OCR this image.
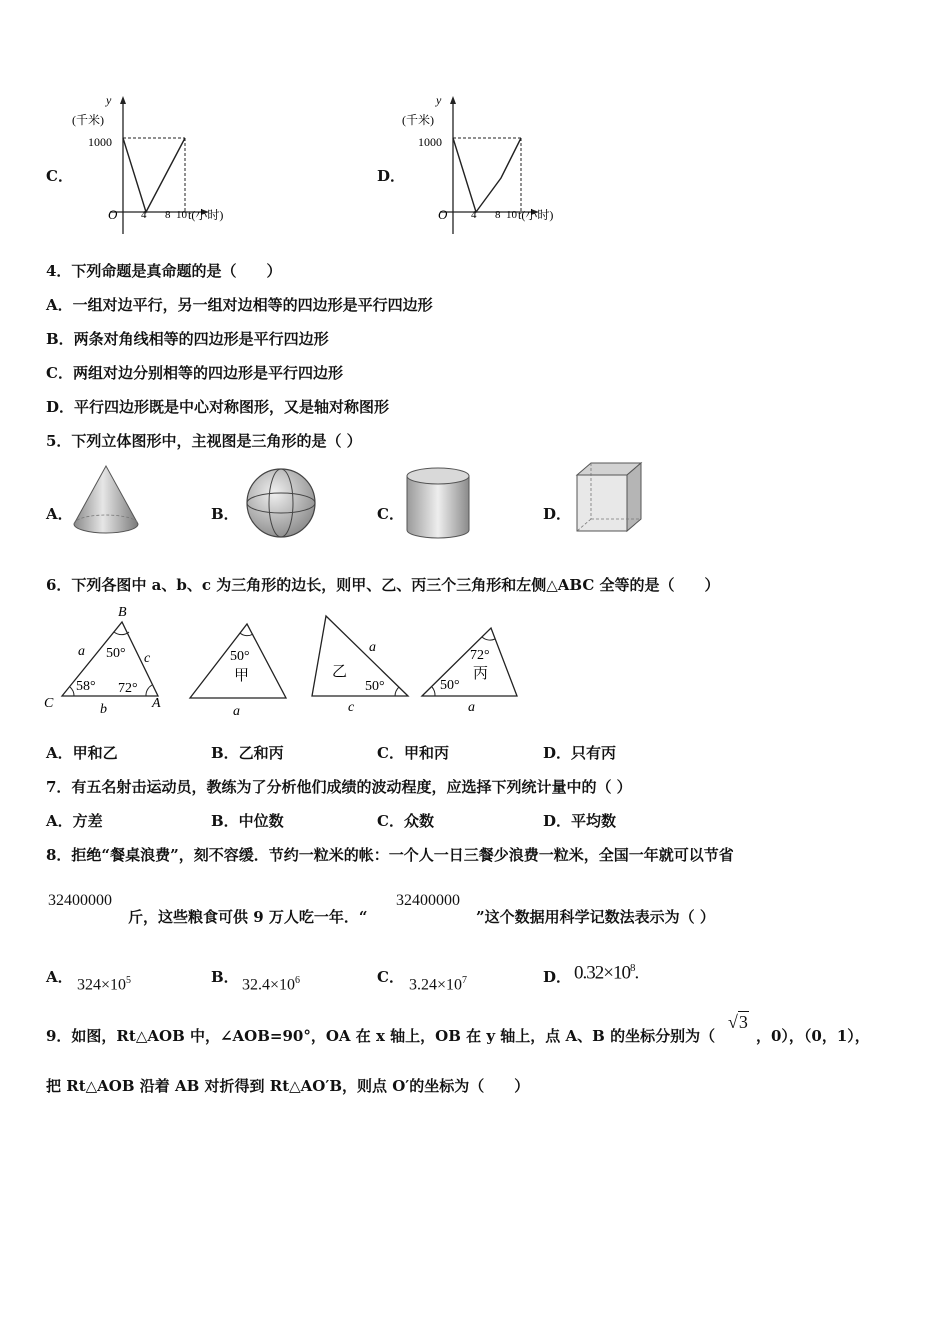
C．
y
(千米)
1000
O 4 8 10 t(小时)
D．
y
(千米)
1000
O 4 8 10 t(小时)
4．下列命题是真命题的是（　　）
A．一组对边平行，另一组对边相等的四边形是平行四边形
B．两条对角线相等的四边形是平行四边形
C．两组对边分别相等的四边形是平行四边形
D．平行四边形既是中心对称图形，又是轴对称图形
5．下列立体图形中，主视图是三角形的是（ ）
A．	B．	C．	D．
6．下列各图中 a、b、c 为三角形的边长，则甲、乙、丙三个三角形和左侧△ABC 全等的是（　　）
B
C	A
a	c
b
50°
58° 72°
50°
甲
a
a
乙
50°
c
72°
丙
50°
a
A．甲和乙	B．乙和丙	C．甲和丙	D．只有丙
7．有五名射击运动员，教练为了分析他们成绩的波动程度，应选择下列统计量中的（ ）
A．方差	B．中位数	C．众数	D．平均数
8．拒绝“餐桌浪费”，刻不容缓．节约一粒米的帐：一个人一日三餐少浪费一粒米，全国一年就可以节省
32400000
斤，这些粮食可供 9 万人吃一年．“
32400000
”这个数据用科学记数法表示为（ ）
A． $324\times 10^5$	B． $32.4\times 10^6$	C． $3.24\times 10^7$	D． $0.32\times 10^8$.
9．如图，Rt△AOB 中，∠AOB=90°，OA 在 x 轴上，OB 在 y 轴上，点 A、B 的坐标分别为（
√3
，0），（0，1），
把 Rt△AOB 沿着 AB 对折得到 Rt△AO′B，则点 O′的坐标为（　　）
